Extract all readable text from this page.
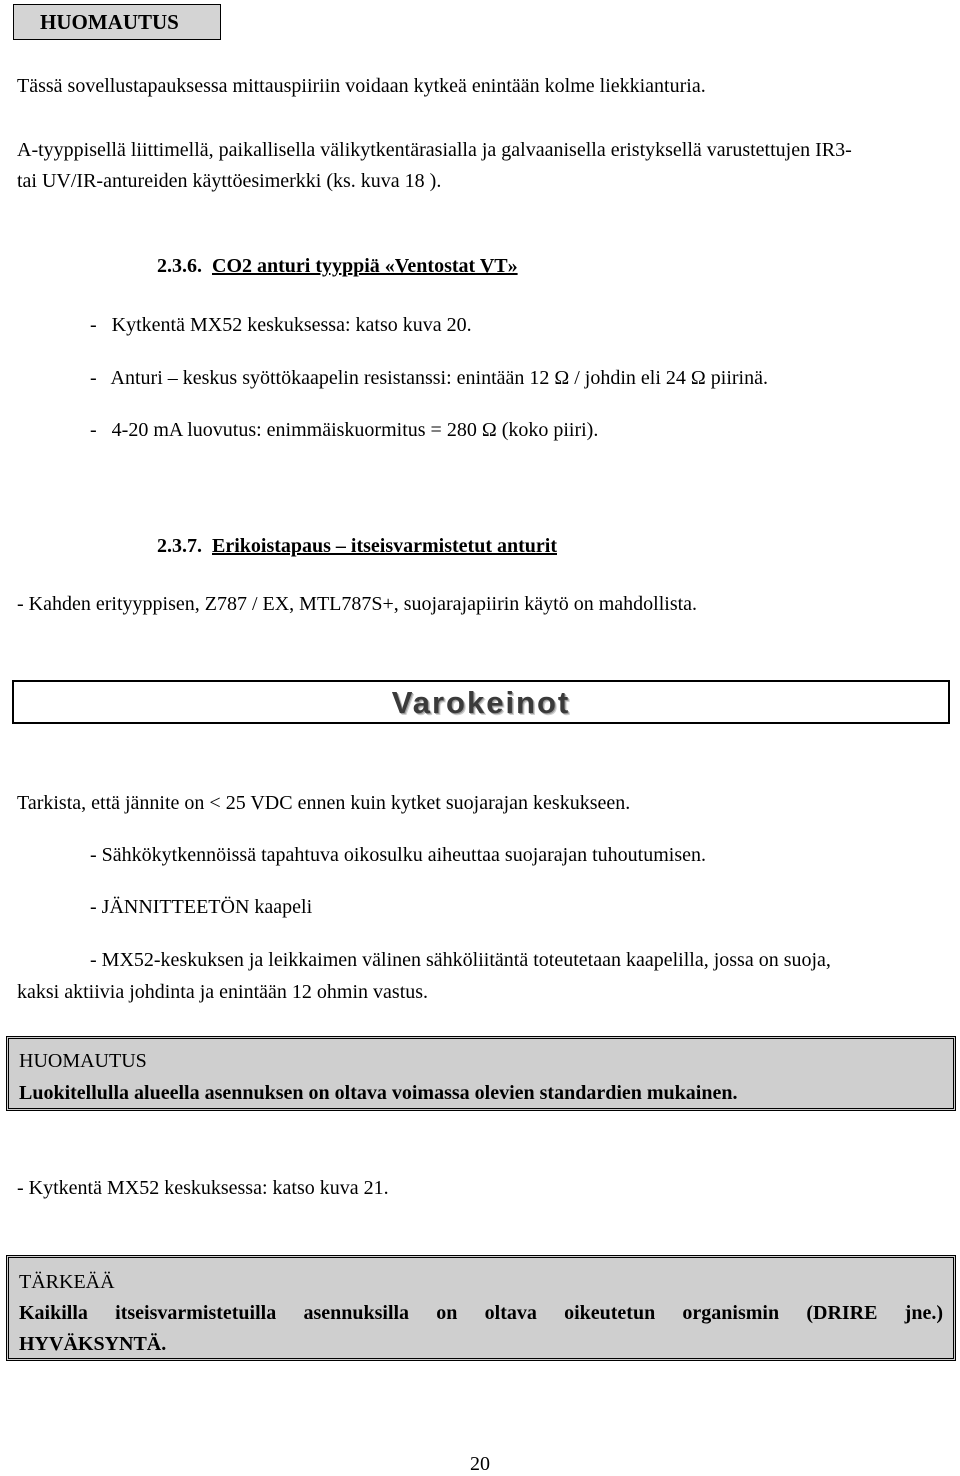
HUOMAUTUS
Tässä sovellustapauksessa mittauspiiriin voidaan kytkeä enintään kolme liekkianturia.
A-tyyppisellä liittimellä, paikallisella välikytkentärasialla ja galvaanisella eristyksellä varustettujen IR3-
tai UV/IR-antureiden käyttöesimerkki (ks. kuva 18 ).
2.3.6. CO2 anturi tyyppiä «Ventostat VT»
-   Kytkentä MX52 keskuksessa: katso kuva 20.
-   Anturi – keskus syöttökaapelin resistanssi: enintään 12 Ω / johdin eli 24 Ω piirinä.
-   4-20 mA luovutus: enimmäiskuormitus = 280 Ω (koko piiri).
2.3.7. Erikoistapaus – itseisvarmistetut anturit
- Kahden erityyppisen, Z787 / EX, MTL787S+, suojarajapiirin käytö on mahdollista.
Varokeinot
Tarkista, että jännite on < 25 VDC ennen kuin kytket suojarajan keskukseen.
- Sähkökytkennöissä tapahtuva oikosulku aiheuttaa suojarajan tuhoutumisen.
- JÄNNITTEETÖN kaapeli
- MX52-keskuksen ja leikkaimen välinen sähköliitäntä toteutetaan kaapelilla, jossa on suoja,
kaksi aktiivia johdinta ja enintään 12 ohmin vastus.
HUOMAUTUS
Luokitellulla alueella asennuksen on oltava voimassa olevien standardien mukainen.
- Kytkentä MX52 keskuksessa: katso kuva 21.
TÄRKEÄÄ
Kaikilla itseisvarmistetuilla asennuksilla on oltava oikeutetun organismin (DRIRE jne.)
HYVÄKSYNTÄ.
20
